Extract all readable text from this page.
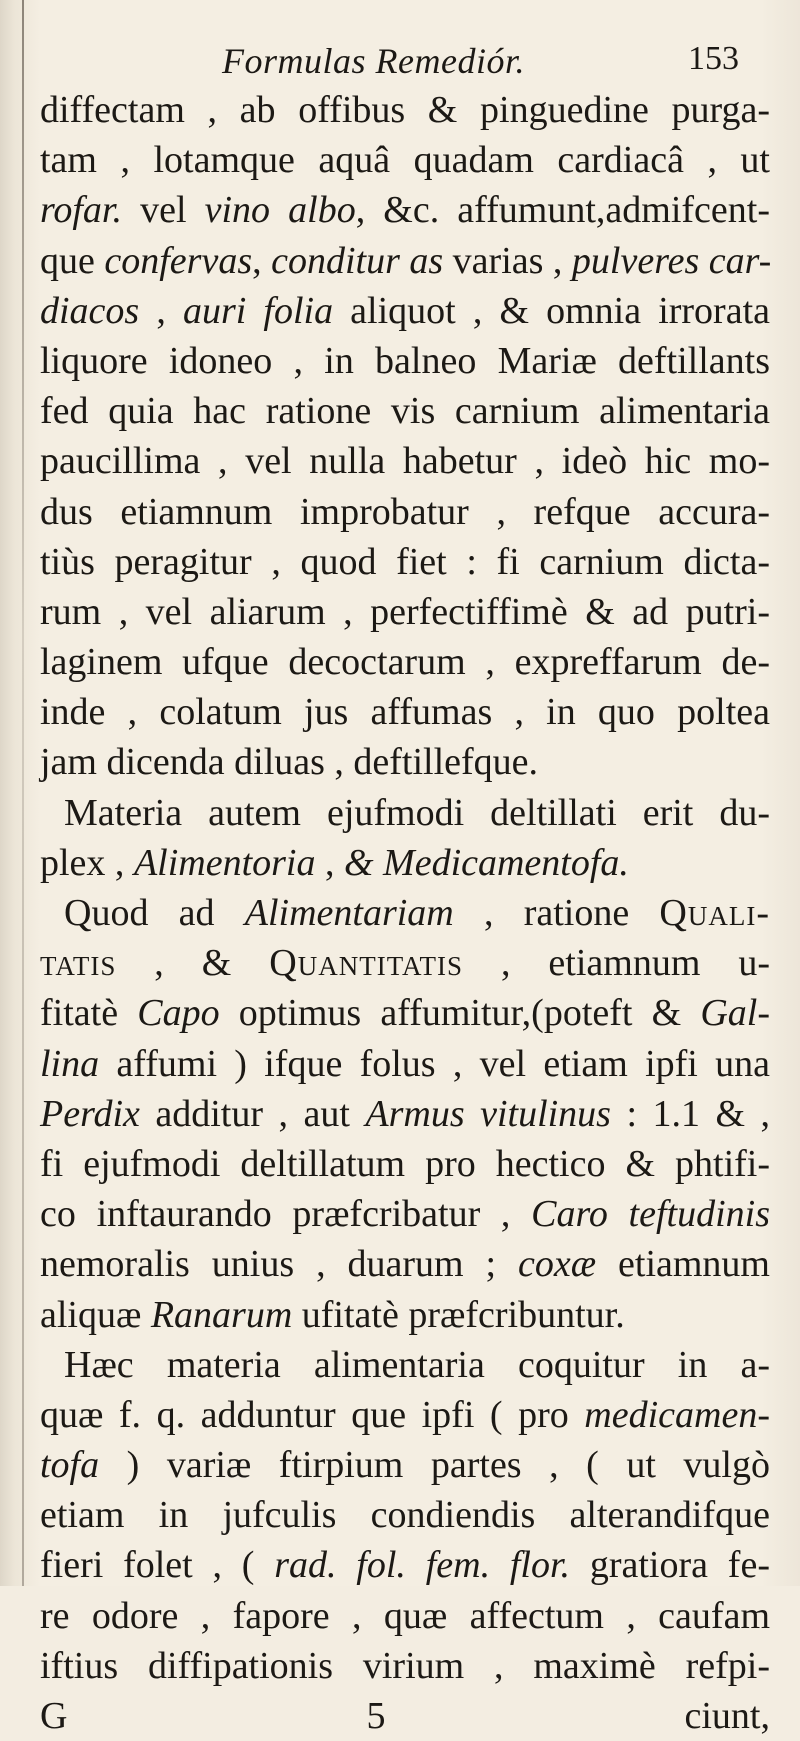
Formulas Remediór.	153
diffectam , ab offibus & pinguedine purga-
tam , lotamque aquâ quadam cardiacâ , ut
rofar. vel vino albo, &c. affumunt,admifcent-
que confervas, conditur as varias , pulveres car-
diacos , auri folia aliquot , & omnia irrorata
liquore idoneo , in balneo Mariæ deftillants
fed quia hac ratione vis carnium alimentaria
paucillima , vel nulla habetur , ideò hic mo-
dus etiamnum improbatur , refque accura-
tiùs peragitur , quod fiet : fi carnium dicta-
rum , vel aliarum , perfectiffimè & ad putri-
laginem ufque decoctarum , expreffarum de-
inde , colatum jus affumas , in quo poltea
jam dicenda diluas , deftillefque.
Materia autem ejufmodi deltillati erit du-
plex , Alimentoria , & Medicamentofa.
Quod ad Alimentariam , ratione Quali-
tatis , & Quantitatis , etiamnum u-
fitatè Capo optimus affumitur,(poteft & Gal-
lina affumi ) ifque folus , vel etiam ipfi una
Perdix additur , aut Armus vitulinus : 1.1 & ,
fi ejufmodi deltillatum pro hectico & phtifi-
co inftaurando præfcribatur , Caro teftudinis
nemoralis unius , duarum ; coxæ etiamnum
aliquæ Ranarum ufitatè præfcribuntur.
Hæc materia alimentaria coquitur in a-
quæ f. q. adduntur que ipfi ( pro medicamen-
tofa ) variæ ftirpium partes , ( ut vulgò
etiam in jufculis condiendis alterandifque
fieri folet , ( rad. fol. fem. flor. gratiora fe-
re odore , fapore , quæ affectum , caufam
iftius diffipationis virium , maximè refpi-
G 5 ciunt,
